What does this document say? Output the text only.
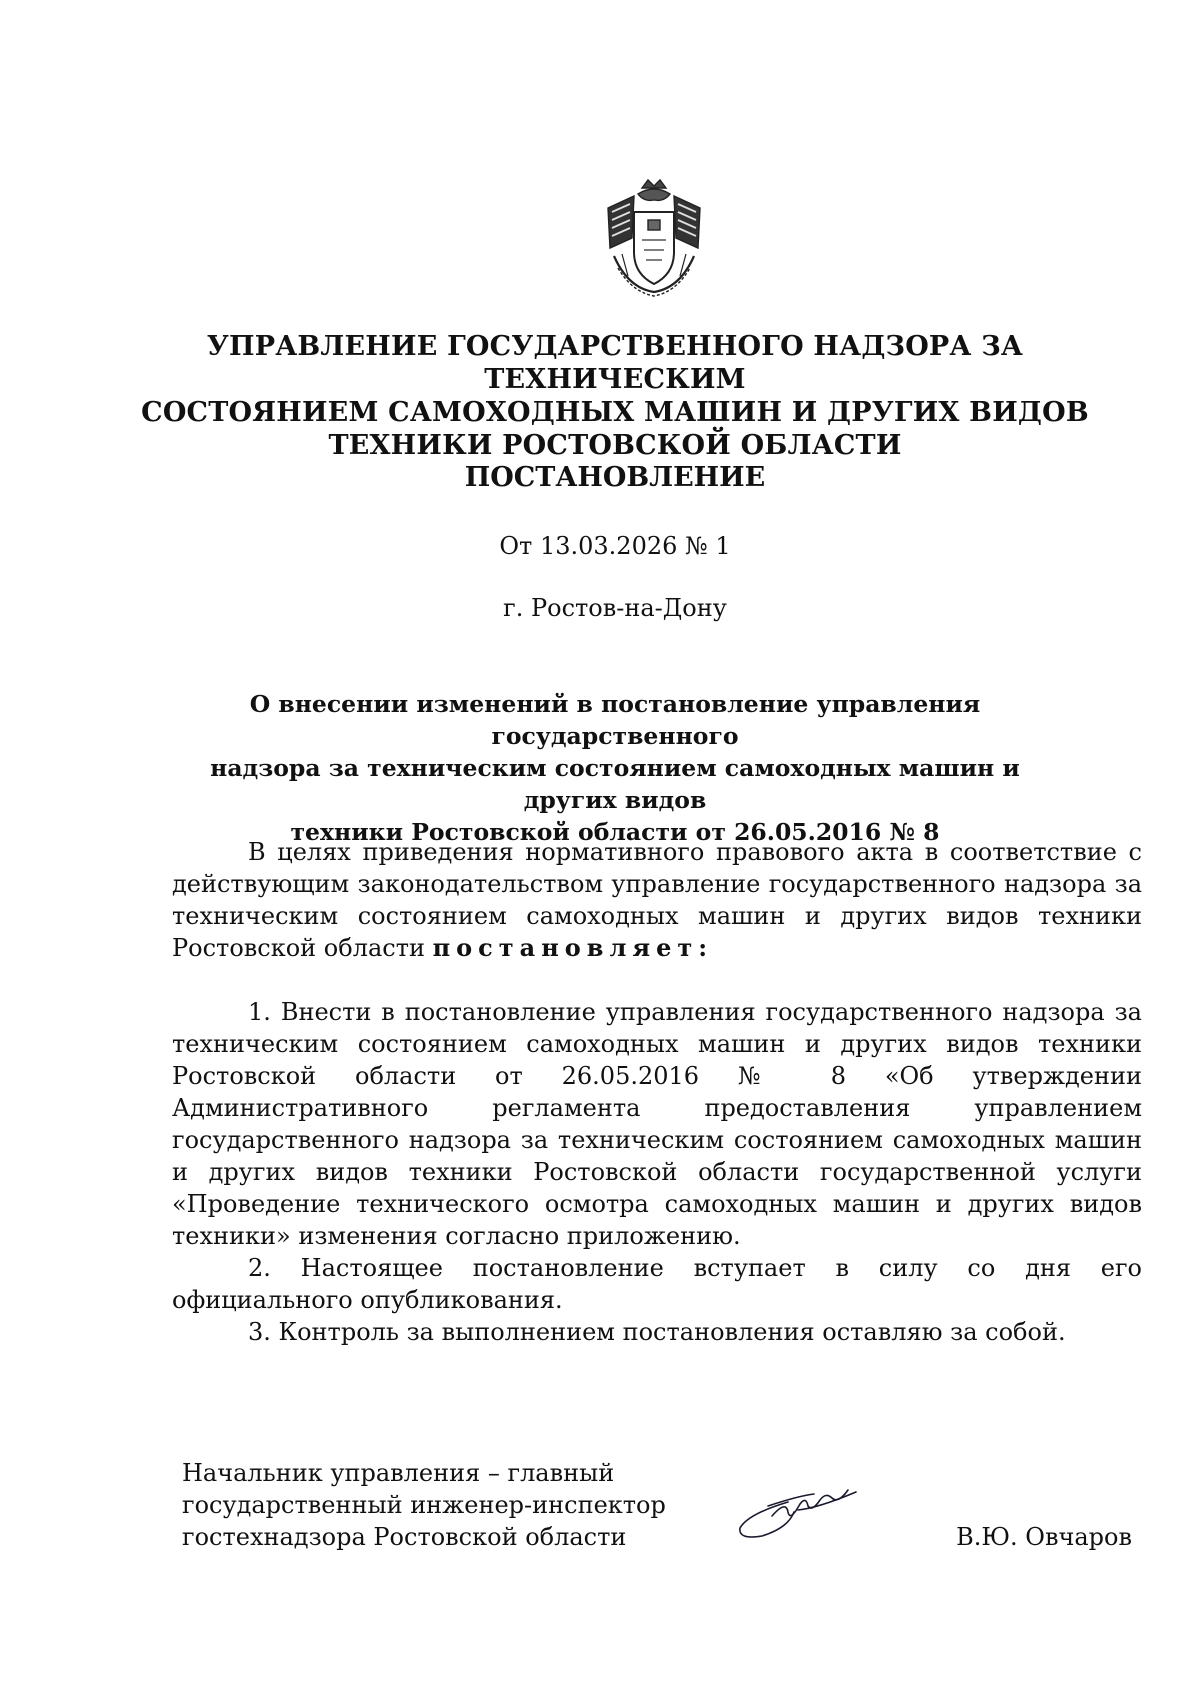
УПРАВЛЕНИЕ ГОСУДАРСТВЕННОГО НАДЗОРА ЗА ТЕХНИЧЕСКИМ
СОСТОЯНИЕМ САМОХОДНЫХ МАШИН И ДРУГИХ ВИДОВ
ТЕХНИКИ РОСТОВСКОЙ ОБЛАСТИ
ПОСТАНОВЛЕНИЕ
От 13.03.2026 № 1
г. Ростов-на-Дону
О внесении изменений в постановление управления государственного
надзора за техническим состоянием самоходных машин и других видов
техники Ростовской области от 26.05.2016 № 8

В целях приведения нормативного правового акта в соответствие с действующим законодательством управление государственного надзора за техническим состоянием самоходных машин и других видов техники Ростовской области постановляет:

1. Внести в постановление управления государственного надзора за техническим состоянием самоходных машин и других видов техники Ростовской области от 26.05.2016 № 8 «Об утверждении Административного регламента предоставления управлением государственного надзора за техническим состоянием самоходных машин и других видов техники Ростовской области государственной услуги «Проведение технического осмотра самоходных машин и других видов техники» изменения согласно приложению.

2. Настоящее постановление вступает в силу со дня его официального опубликования.

3. Контроль за выполнением постановления оставляю за собой.

Начальник управления – главный
государственный инженер-инспектор
гостехнадзора Ростовской области	В.Ю. Овчаров
